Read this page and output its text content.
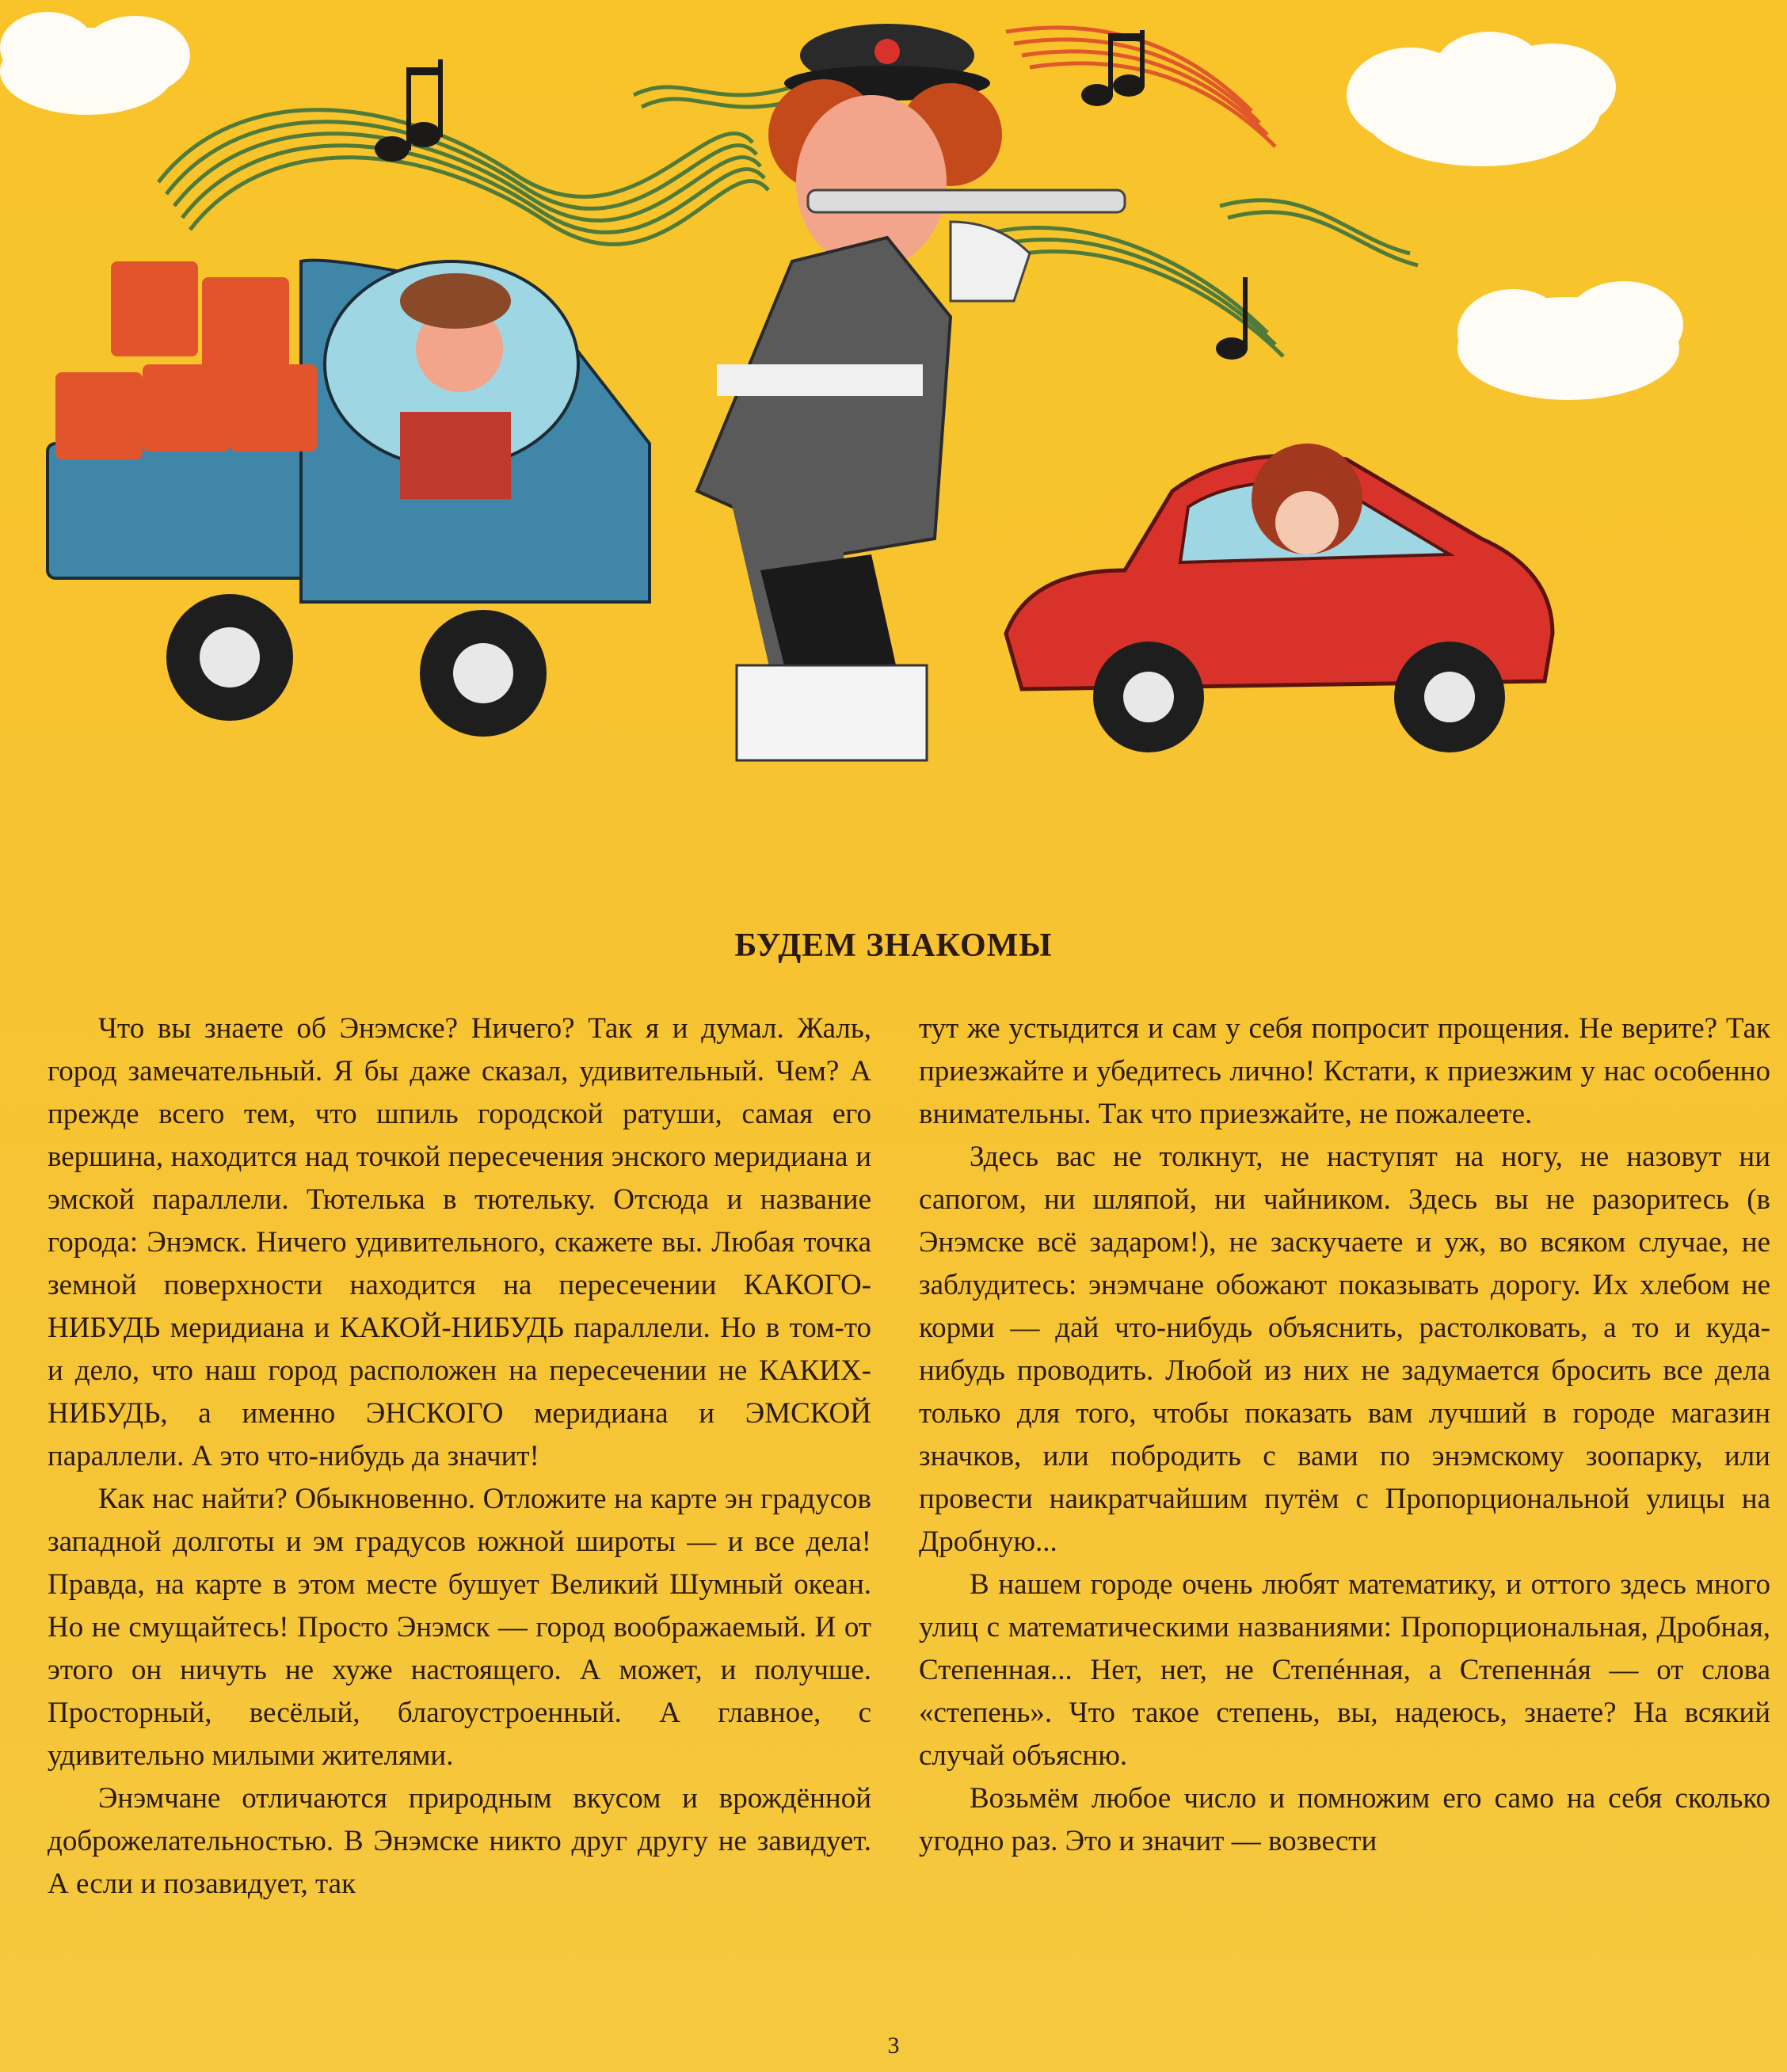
БУДЕМ ЗНАКОМЫ

Что вы знаете об Энэмске? Ничего? Так я и думал. Жаль, город замечательный. Я бы даже сказал, удивительный. Чем? А прежде всего тем, что шпиль городской ратуши, самая его вершина, находится над точкой пересечения энского меридиана и эмской параллели. Тютелька в тютельку. Отсюда и название города: Энэмск. Ничего удивительного, скажете вы. Любая точка земной поверхности находится на пересечении КАКОГО-НИБУДЬ меридиана и КАКОЙ-НИБУДЬ параллели. Но в том-то и дело, что наш город расположен на пересечении не КАКИХ-НИБУДЬ, а именно ЭНСКОГО меридиана и ЭМСКОЙ параллели. А это что-нибудь да значит!

Как нас найти? Обыкновенно. Отложите на карте эн градусов западной долготы и эм градусов южной широты — и все дела! Правда, на карте в этом месте бушует Великий Шумный океан. Но не смущайтесь! Просто Энэмск — город воображаемый. И от этого он ничуть не хуже настоящего. А может, и получше. Просторный, весёлый, благоустроенный. А главное, с удивительно милыми жителями.

Энэмчане отличаются природным вкусом и врождённой доброжелательностью. В Энэмске никто друг другу не завидует. А если и позавидует, так

тут же устыдится и сам у себя попросит прощения. Не верите? Так приезжайте и убедитесь лично! Кстати, к приезжим у нас особенно внимательны. Так что приезжайте, не пожалеете.

Здесь вас не толкнут, не наступят на ногу, не назовут ни сапогом, ни шляпой, ни чайником. Здесь вы не разоритесь (в Энэмске всё задаром!), не заскучаете и уж, во всяком случае, не заблудитесь: энэмчане обожают показывать дорогу. Их хлебом не корми — дай что-нибудь объяснить, растолковать, а то и куда-нибудь проводить. Любой из них не задумается бросить все дела только для того, чтобы показать вам лучший в городе магазин значков, или побродить с вами по энэмскому зоопарку, или провести наикратчайшим путём с Пропорциональной улицы на Дробную...

В нашем городе очень любят математику, и оттого здесь много улиц с математическими названиями: Пропорциональная, Дробная, Степенная... Нет, нет, не Степéнная, а Степеннáя — от слова «степень». Что такое степень, вы, надеюсь, знаете? На всякий случай объясню.

Возьмём любое число и помножим его само на себя сколько угодно раз. Это и значит — возвести

3
